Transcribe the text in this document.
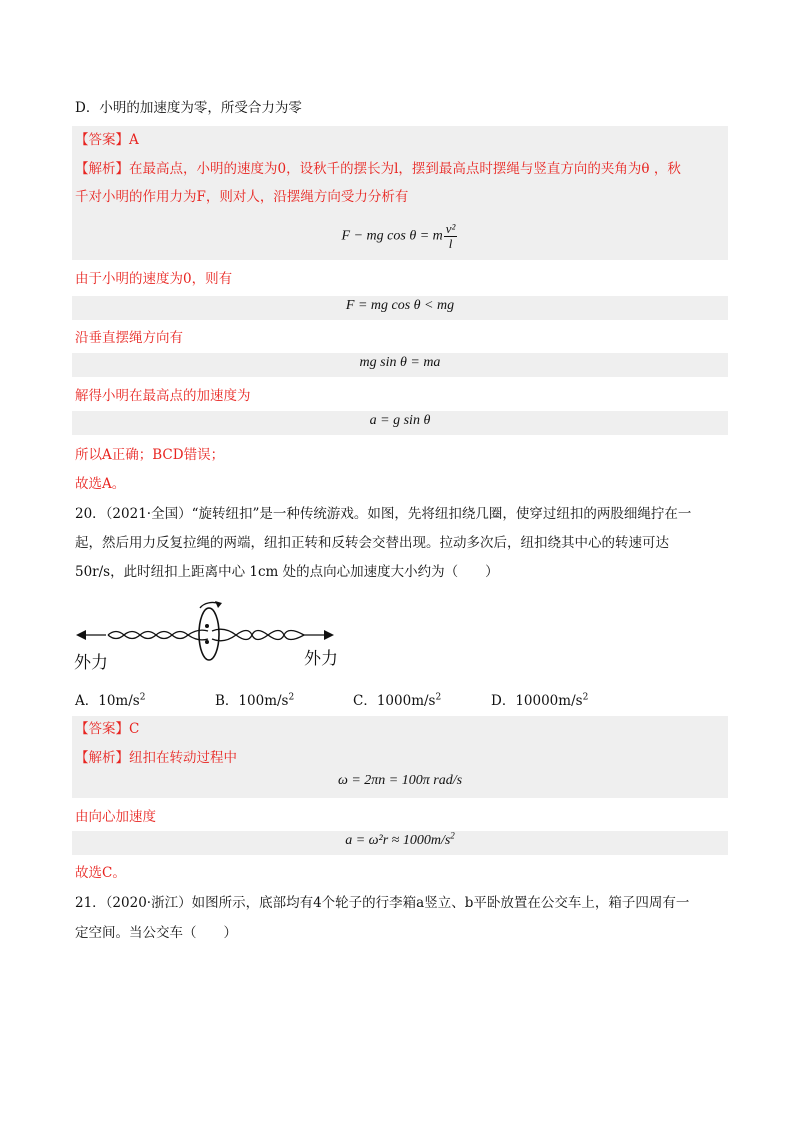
D．小明的加速度为零，所受合力为零
【答案】A
【解析】在最高点，小明的速度为0，设秋千的摆长为l，摆到最高点时摆绳与竖直方向的夹角为θ ，秋
千对小明的作用力为F，则对人，沿摆绳方向受力分析有
F − mg cos θ = m $\frac{\text{v²}}{l}$
由于小明的速度为0，则有
F = mg cos θ < mg
沿垂直摆绳方向有
mg sin θ = ma
解得小明在最高点的加速度为
a = g sin θ
所以A正确；BCD错误；
故选A。
20．（2021·全国）“旋转纽扣”是一种传统游戏。如图，先将纽扣绕几圈，使穿过纽扣的两股细绳拧在一
起，然后用力反复拉绳的两端，纽扣正转和反转会交替出现。拉动多次后，纽扣绕其中心的转速可达
50r/s，此时纽扣上距离中心 1cm 处的点向心加速度大小约为（　　）
外力	外力
A．$10m/s^2$	B．$100m/s^2$	C．$1000m/s^2$	D．$10000m/s^2$
【答案】C
【解析】纽扣在转动过程中
ω = 2πn = 100π rad/s
由向心加速度
$a = \omega^2r \approx 1000m/s^2$
故选C。
21．（2020·浙江）如图所示，底部均有4个轮子的行李箱a竖立、b平卧放置在公交车上，箱子四周有一
定空间。当公交车（　　）
